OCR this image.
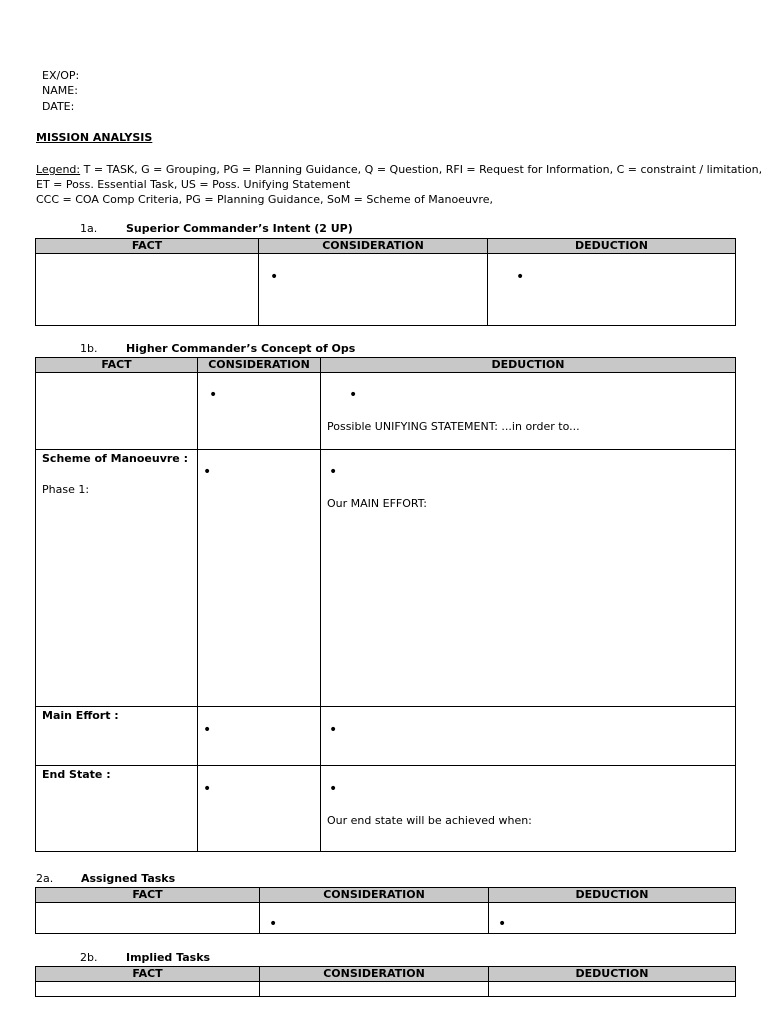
EX/OP:
NAME:
DATE:
MISSION ANALYSIS
Legend: T = TASK, G = Grouping, PG = Planning Guidance, Q = Question, RFI = Request for Information, C = constraint / limitation,
ET = Poss. Essential Task, US = Poss. Unifying Statement
CCC = COA Comp Criteria, PG = Planning Guidance, SoM = Scheme of Manoeuvre,
1a.	Superior Commander’s Intent (2 UP)
FACT	CONSIDERATION	DEDUCTION

	•	•
1b.	Higher Commander’s Concept of Ops
FACT	CONSIDERATION	DEDUCTION

	•	•
Possible UNIFYING STATEMENT: ...in order to...

Scheme of Manoeuvre :
Phase 1:	•	•
Our MAIN EFFORT:

Main Effort :	•	•

End State :	•	•
Our end state will be achieved when:
2a.	Assigned Tasks
FACT	CONSIDERATION	DEDUCTION

	•	•
2b.	Implied Tasks
FACT	CONSIDERATION	DEDUCTION
